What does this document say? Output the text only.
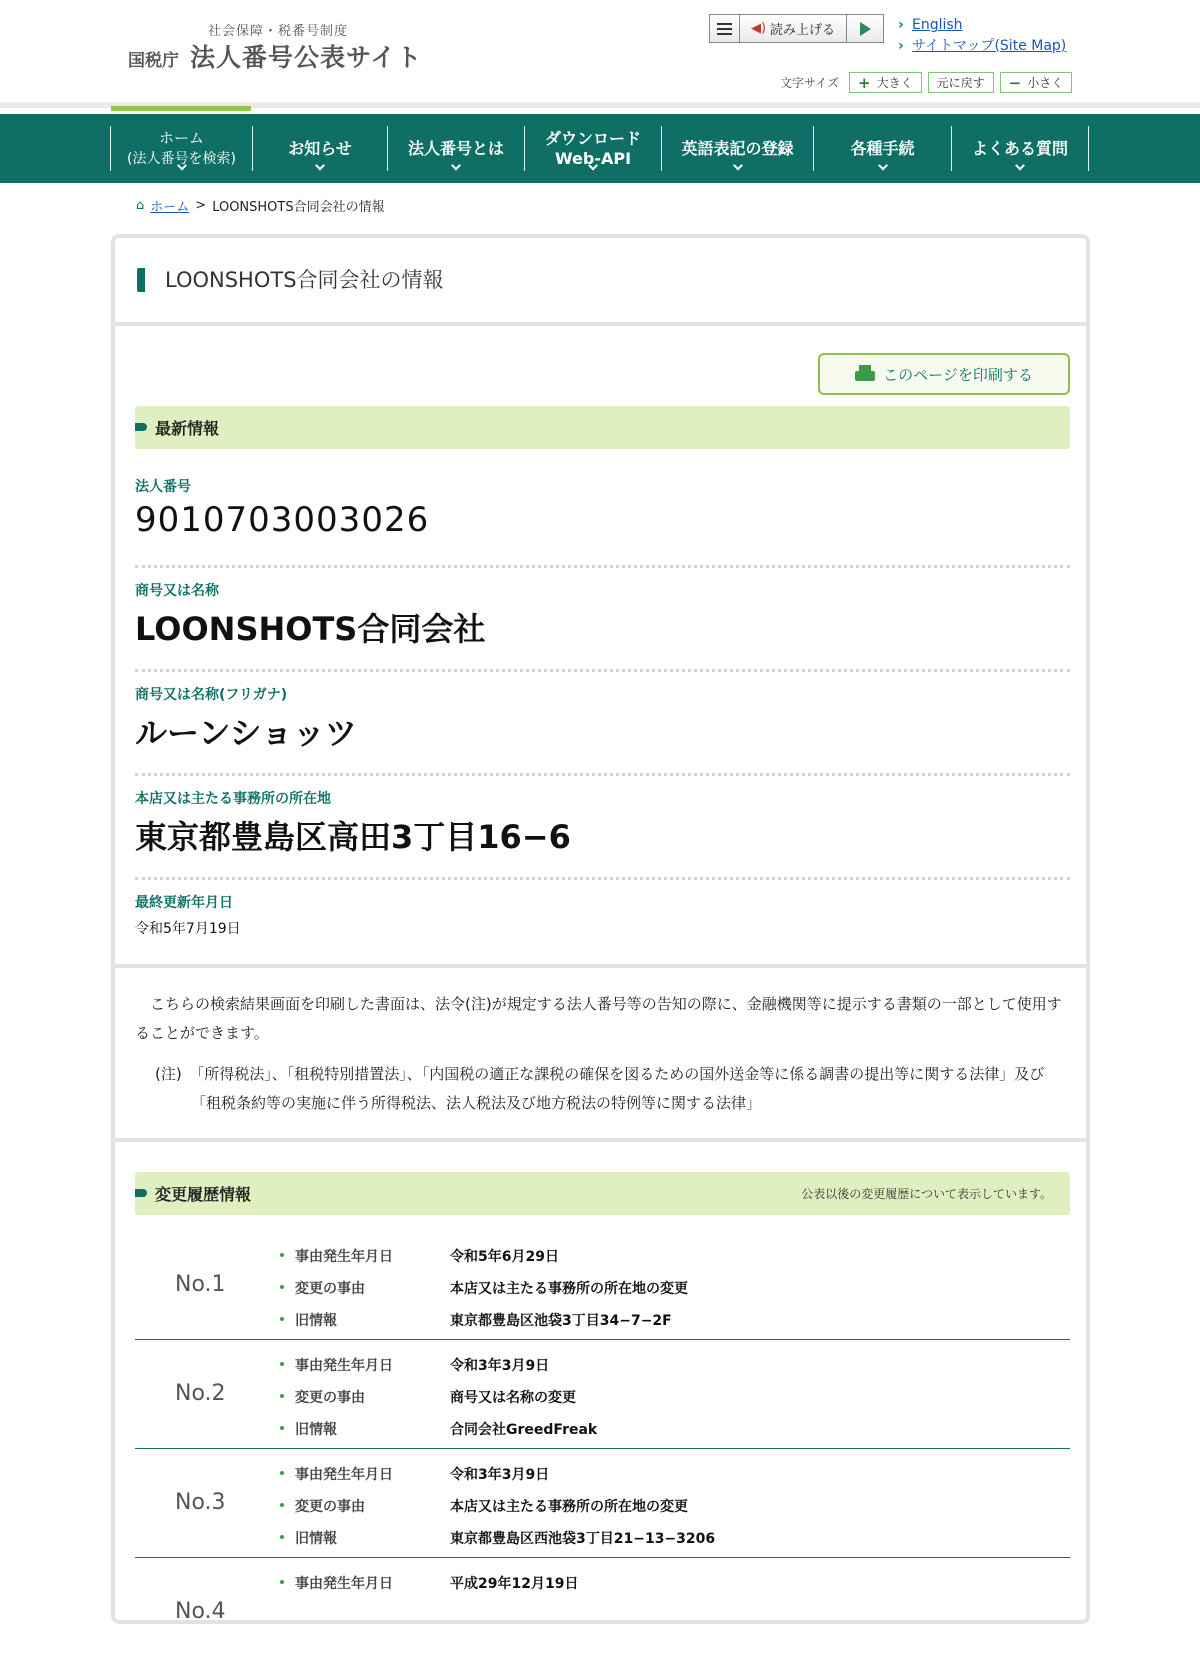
社会保障・税番号制度
国税庁 法人番号公表サイト
◀) 読み上げる	› English
› サイトマップ(Site Map)
文字サイズ + 大きく 元に戻す − 小さく
ホーム
(法人番号を検索)
お知らせ	法人番号とは
ダウンロード
Web-API
英語表記の登録	各種手続	よくある質問
⌂ ホーム > LOONSHOTS合同会社の情報
LOONSHOTS合同会社の情報
このページを印刷する
最新情報
法人番号
9010703003026
商号又は名称
LOONSHOTS合同会社
商号又は名称(フリガナ)
ルーンショッツ
本店又は主たる事務所の所在地
東京都豊島区高田3丁目16−6
最終更新年月日
令和5年7月19日

こちらの検索結果画面を印刷した書面は、法令(注)が規定する法人番号等の告知の際に、金融機関等に提示する書類の一部として使用することができます。

(注)　「所得税法」、「租税特別措置法」、「内国税の適正な課税の確保を図るための国外送金等に係る調書の提出等に関する法律」及び「租税条約等の実施に伴う所得税法、法人税法及び地方税法の特例等に関する法律」

変更履歴情報	公表以後の変更履歴について表示しています。
No.1
事由発生年月日	令和5年6月29日
変更の事由	本店又は主たる事務所の所在地の変更
旧情報	東京都豊島区池袋3丁目34−7−2F
No.2
事由発生年月日	令和3年3月9日
変更の事由	商号又は名称の変更
旧情報	合同会社GreedFreak
No.3
事由発生年月日	令和3年3月9日
変更の事由	本店又は主たる事務所の所在地の変更
旧情報	東京都豊島区西池袋3丁目21−13−3206
No.4
事由発生年月日	平成29年12月19日
